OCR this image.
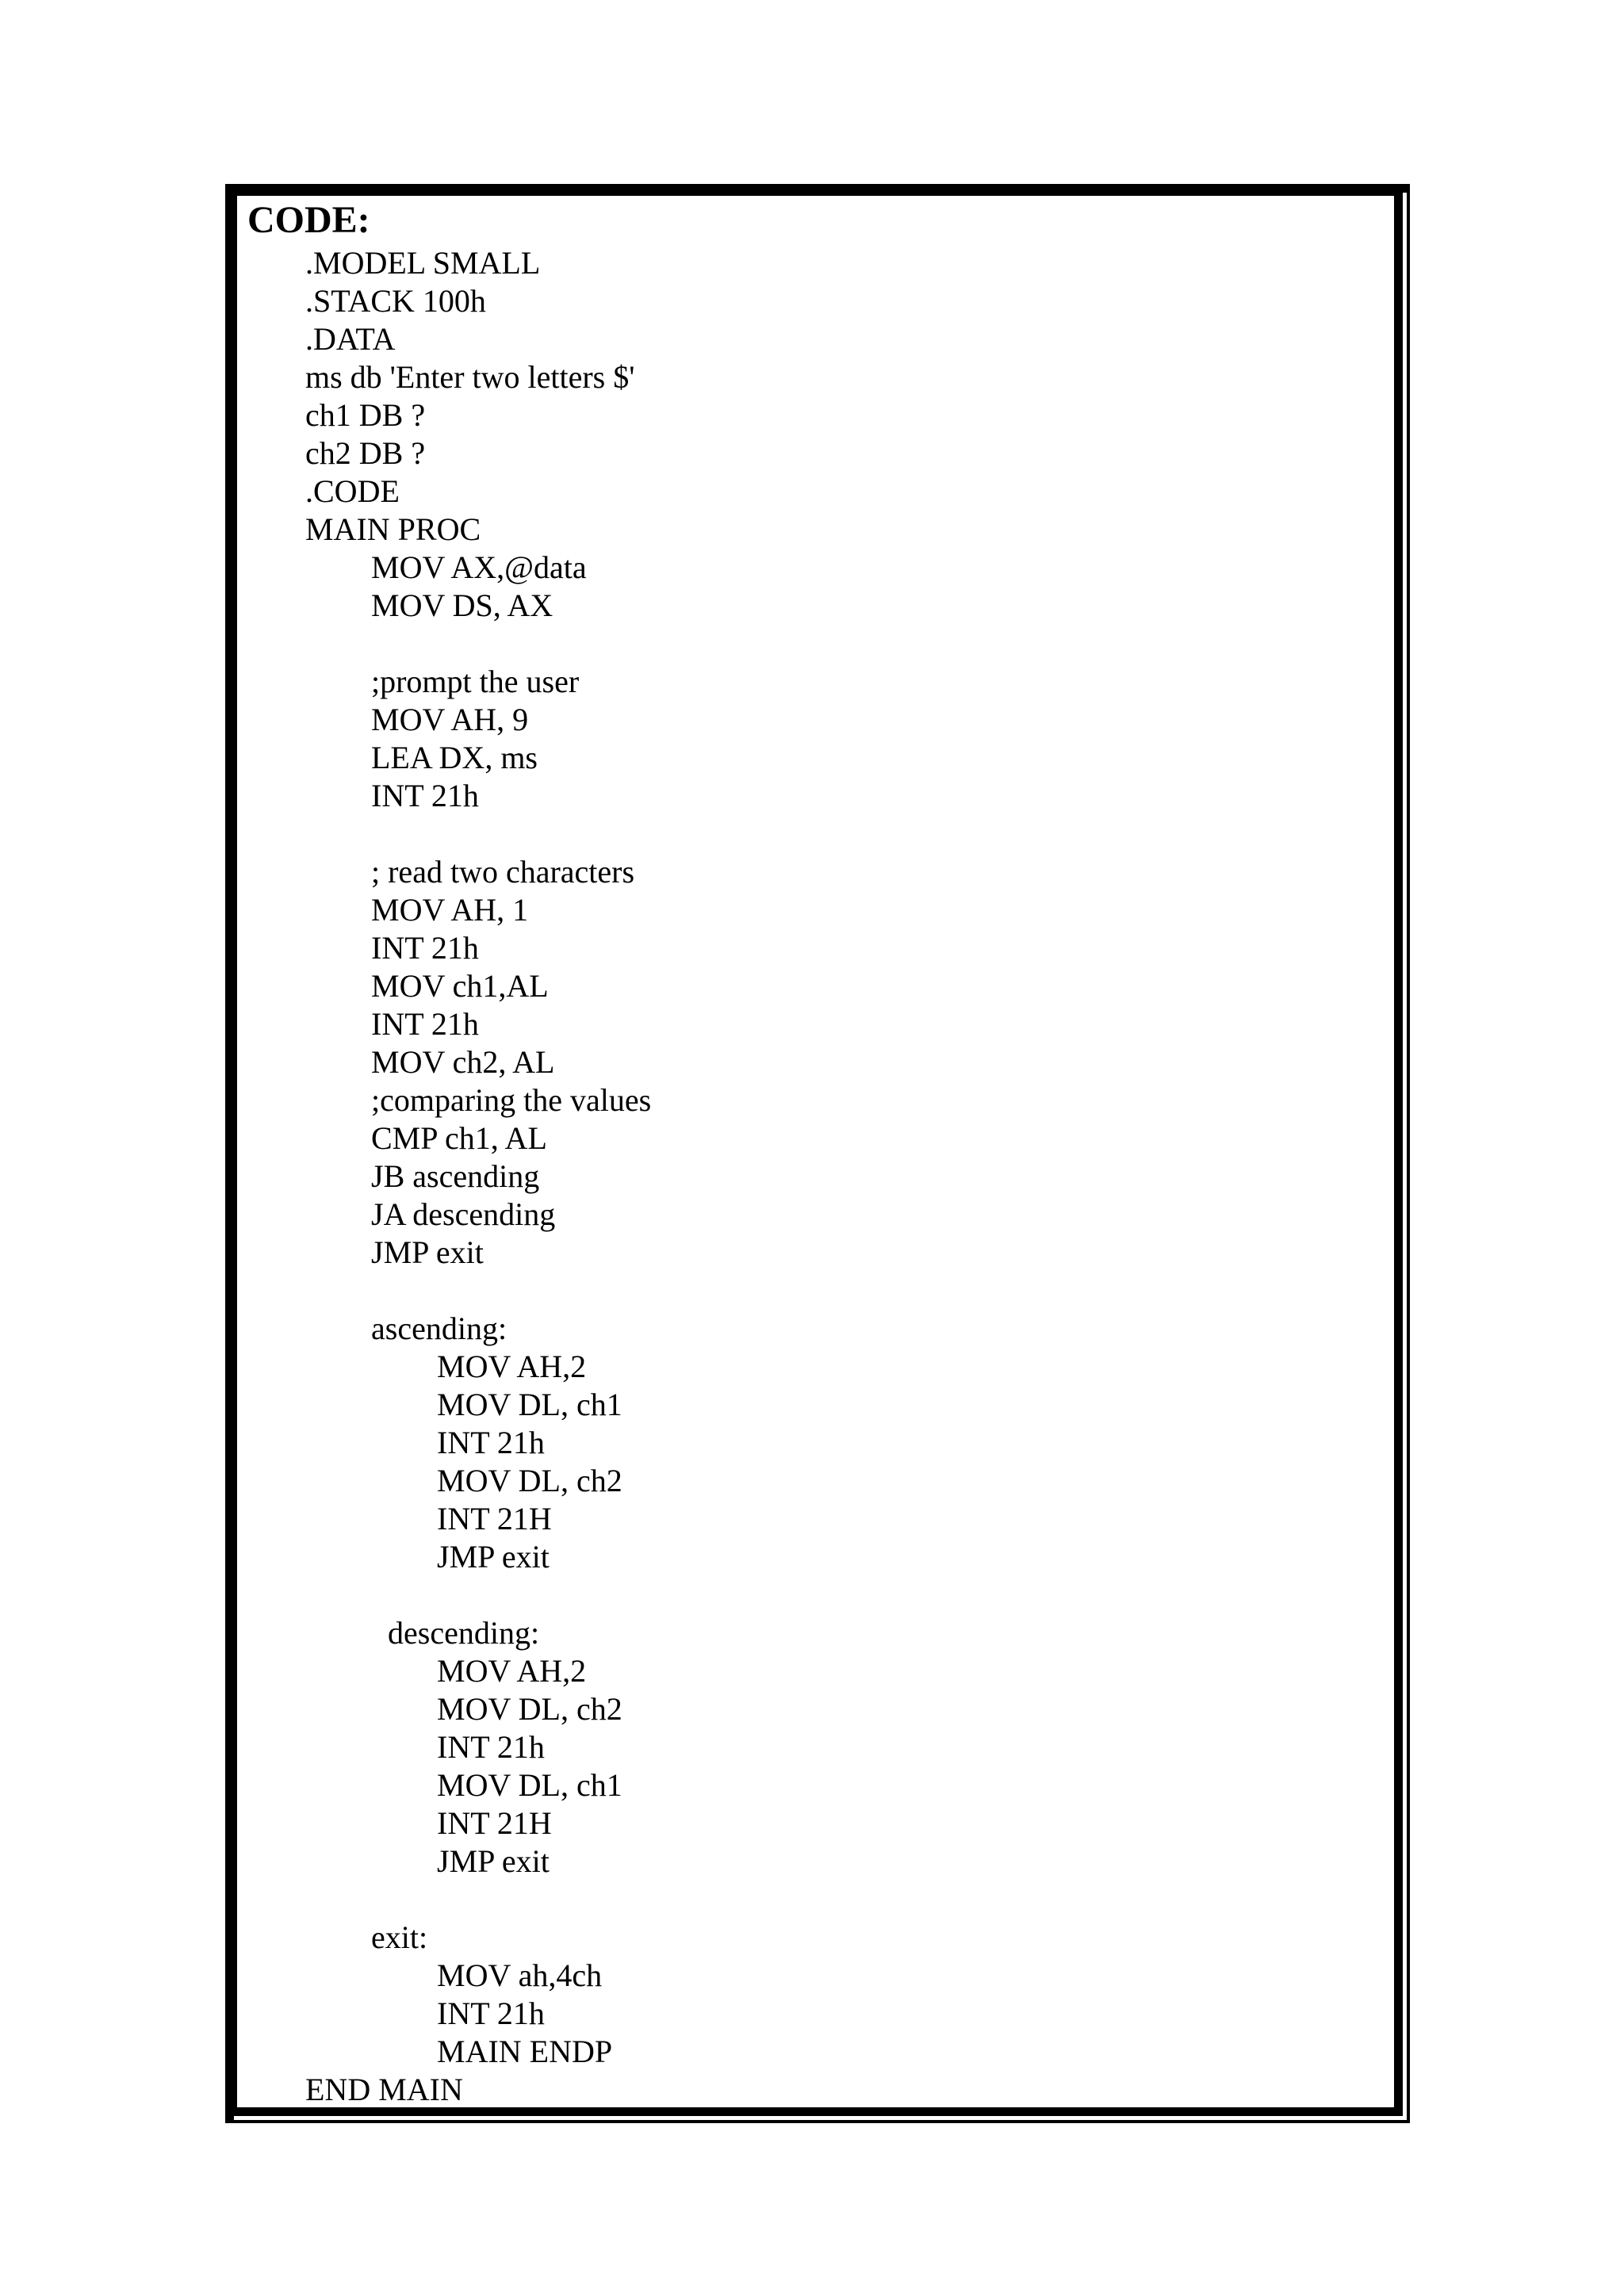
CODE:
.MODEL SMALL
.STACK 100h
.DATA
ms db 'Enter two letters $'
ch1 DB ?
ch2 DB ?
.CODE
MAIN PROC
MOV AX,@data
MOV DS, AX
;prompt the user
MOV AH, 9
LEA DX, ms
INT 21h
; read two characters
MOV AH, 1
INT 21h
MOV ch1,AL
INT 21h
MOV ch2, AL
;comparing the values
CMP ch1, AL
JB ascending
JA descending
JMP exit
ascending:
MOV AH,2
MOV DL, ch1
INT 21h
MOV DL, ch2
INT 21H
JMP exit
descending:
MOV AH,2
MOV DL, ch2
INT 21h
MOV DL, ch1
INT 21H
JMP exit
exit:
MOV ah,4ch
INT 21h
MAIN ENDP
END MAIN
